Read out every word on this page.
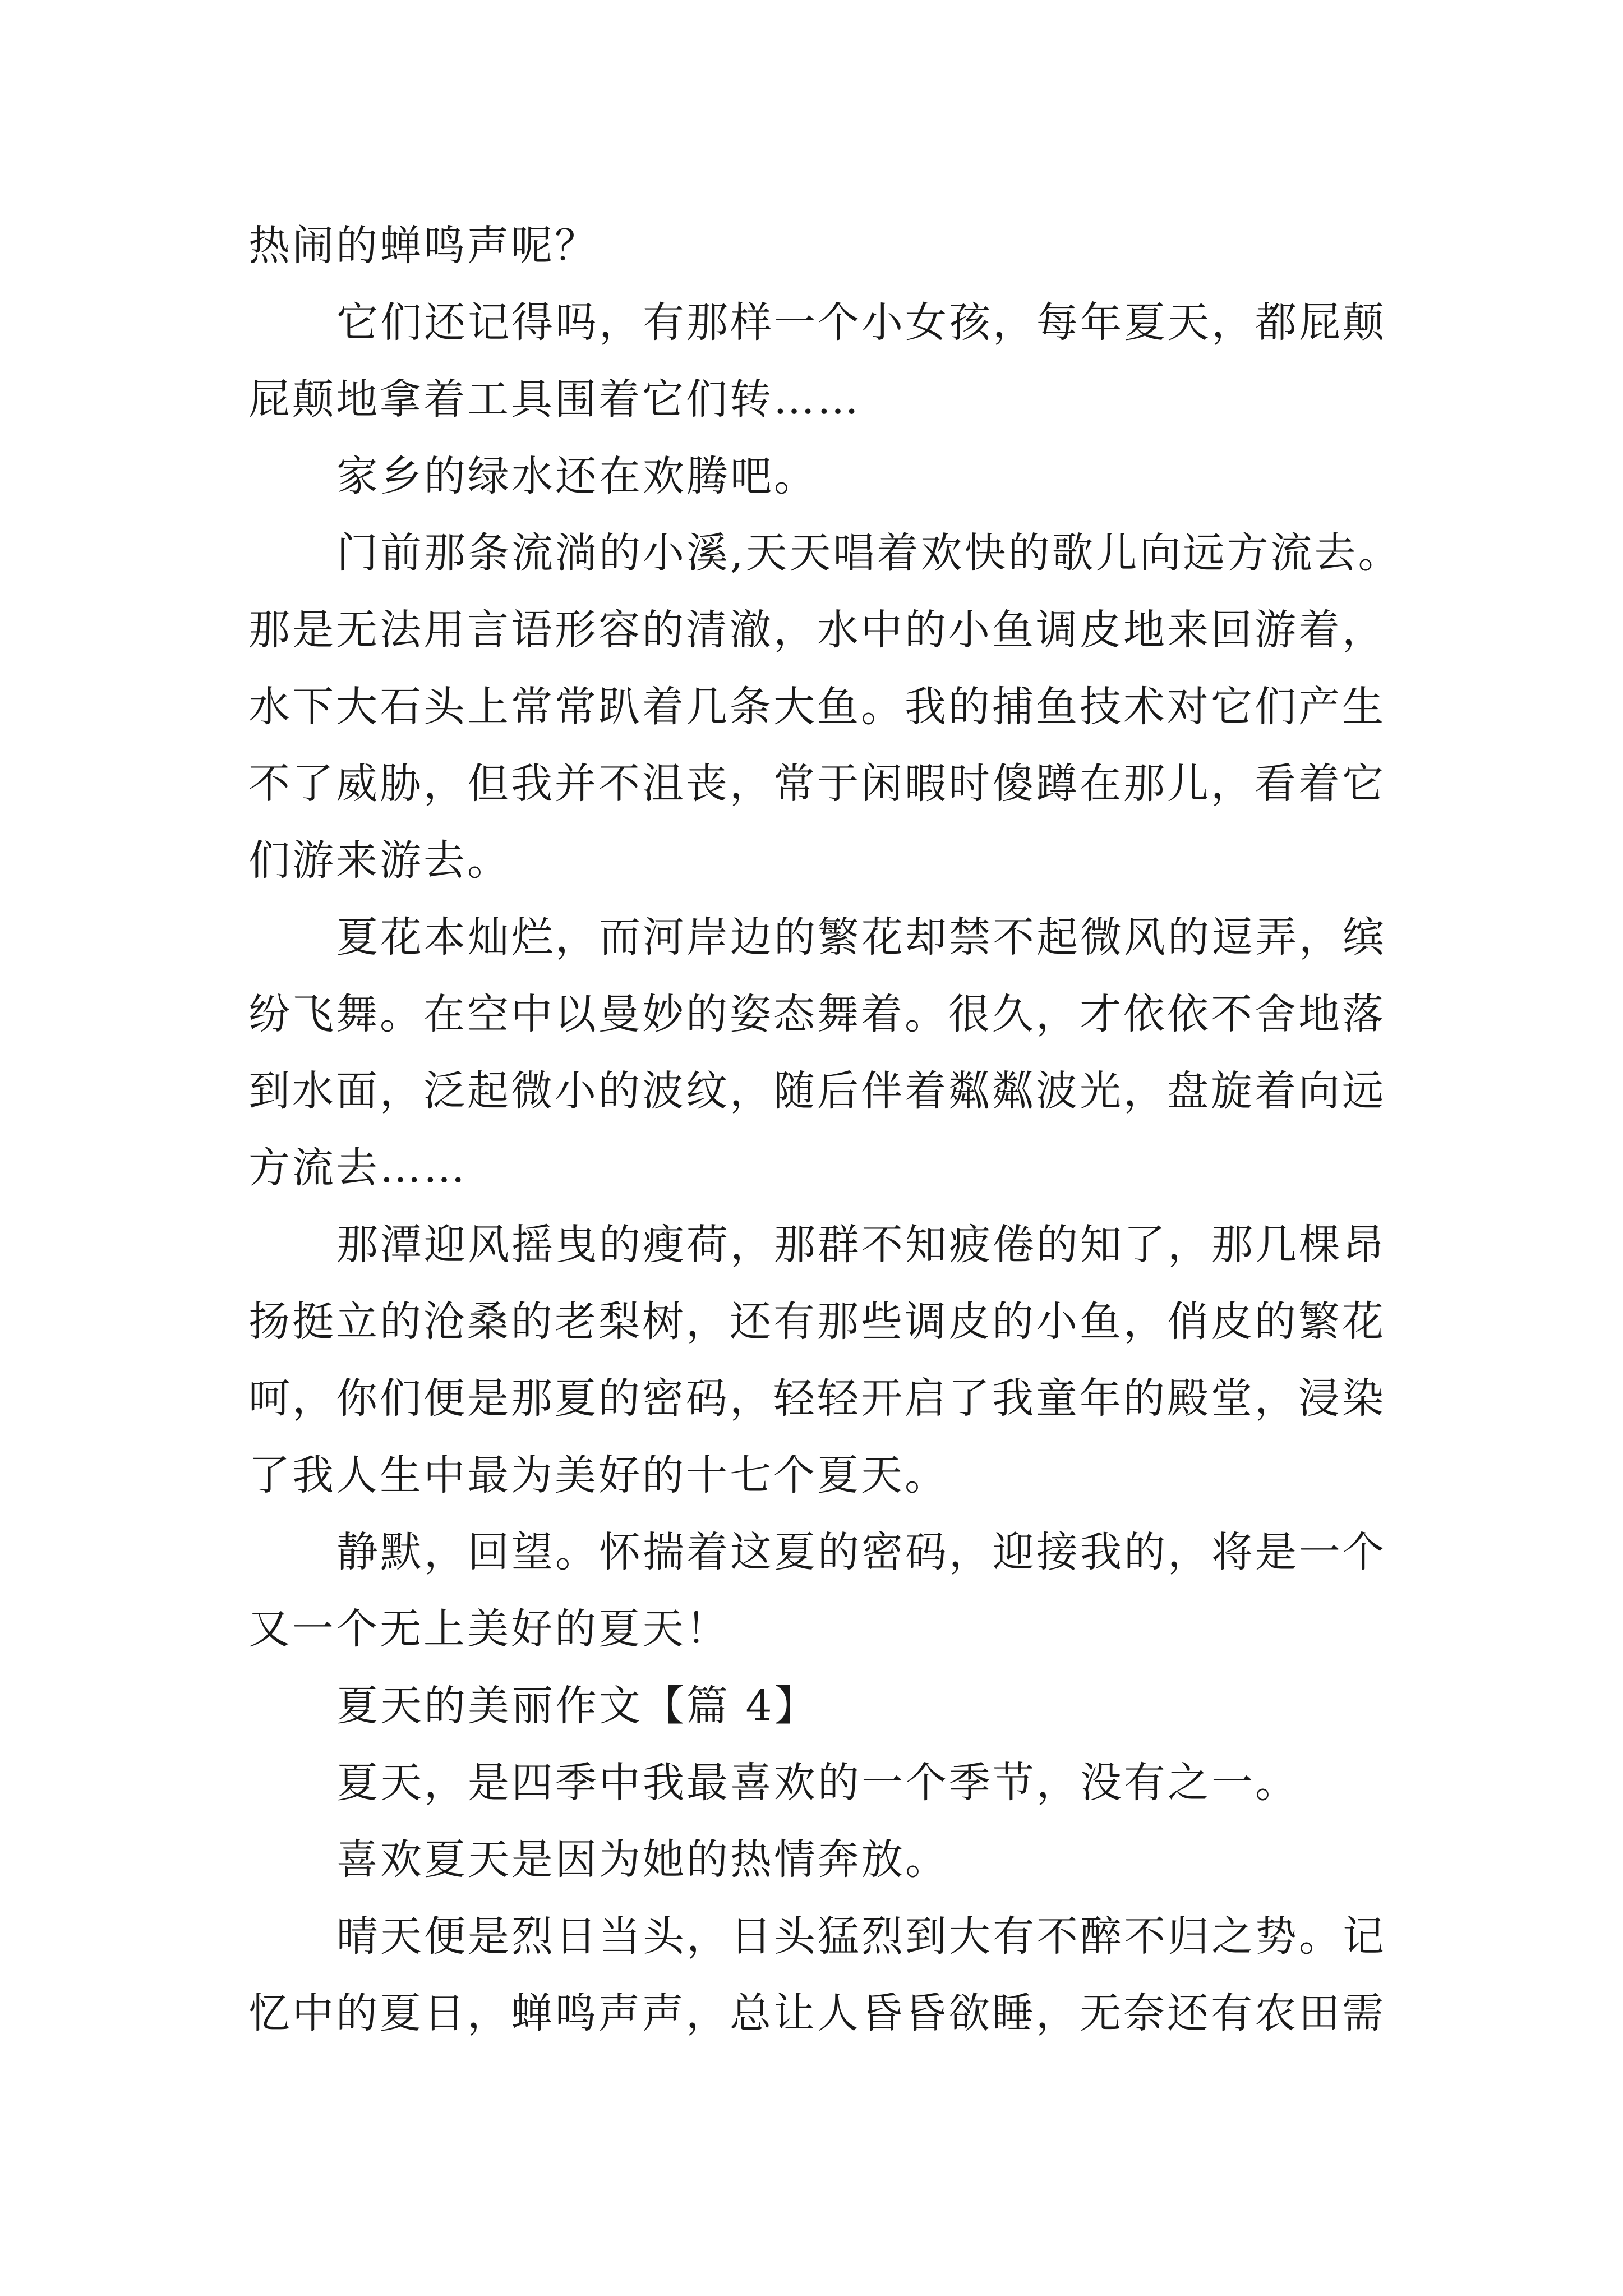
热闹的蝉鸣声呢？
它们还记得吗，有那样一个小女孩，每年夏天，都屁颠
屁颠地拿着工具围着它们转……
家乡的绿水还在欢腾吧。
门前那条流淌的小溪,天天唱着欢快的歌儿向远方流去。
那是无法用言语形容的清澈，水中的小鱼调皮地来回游着，
水下大石头上常常趴着几条大鱼。我的捕鱼技术对它们产生
不了威胁，但我并不沮丧，常于闲暇时傻蹲在那儿，看着它
们游来游去。
夏花本灿烂，而河岸边的繁花却禁不起微风的逗弄，缤
纷飞舞。在空中以曼妙的姿态舞着。很久，才依依不舍地落
到水面，泛起微小的波纹，随后伴着粼粼波光，盘旋着向远
方流去……
那潭迎风摇曳的瘦荷，那群不知疲倦的知了，那几棵昂
扬挺立的沧桑的老梨树，还有那些调皮的小鱼，俏皮的繁花
呵，你们便是那夏的密码，轻轻开启了我童年的殿堂，浸染
了我人生中最为美好的十七个夏天。
静默，回望。怀揣着这夏的密码，迎接我的，将是一个
又一个无上美好的夏天！
夏天的美丽作文【篇 4】
夏天，是四季中我最喜欢的一个季节，没有之一。
喜欢夏天是因为她的热情奔放。
晴天便是烈日当头，日头猛烈到大有不醉不归之势。记
忆中的夏日，蝉鸣声声，总让人昏昏欲睡，无奈还有农田需
